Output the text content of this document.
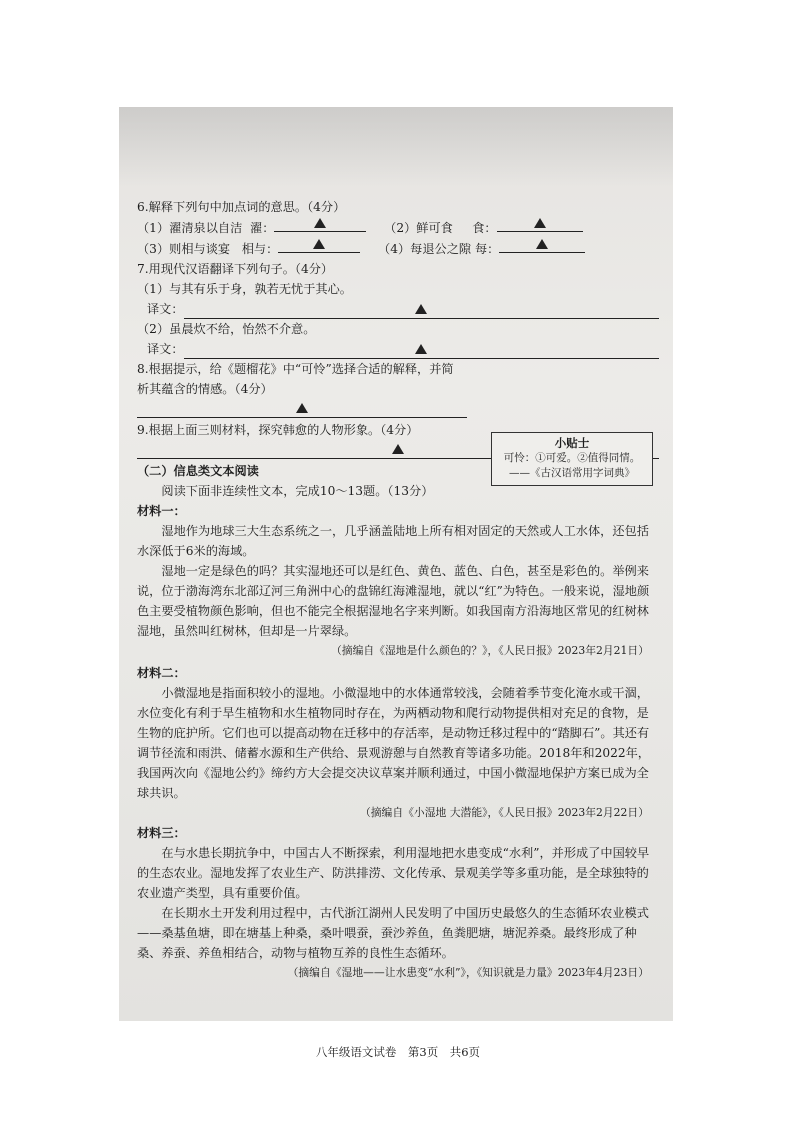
6.解释下列句中加点词的意思。（4分）
（1）濯清泉以自洁 濯：	（2）鲜可食 食：
（3）则相与谈宴 相与：	（4）每退公之隙 每：
7.用现代汉语翻译下列句子。（4分）
（1）与其有乐于身，孰若无忧于其心。
译文：
（2）虽晨炊不给，怡然不介意。
译文：
8.根据提示，给《题榴花》中“可怜”选择合适的解释，并简
析其蕴含的情感。（4分）
9.根据上面三则材料，探究韩愈的人物形象。（4分）
（二）信息类文本阅读
阅读下面非连续性文本，完成10～13题。（13分）
材料一：
湿地作为地球三大生态系统之一，几乎涵盖陆地上所有相对固定的天然或人工水体，还包括水深低于6米的海域。
湿地一定是绿色的吗？其实湿地还可以是红色、黄色、蓝色、白色，甚至是彩色的。举例来说，位于渤海湾东北部辽河三角洲中心的盘锦红海滩湿地，就以“红”为特色。一般来说，湿地颜色主要受植物颜色影响，但也不能完全根据湿地名字来判断。如我国南方沿海地区常见的红树林湿地，虽然叫红树林，但却是一片翠绿。
（摘编自《湿地是什么颜色的？》，《人民日报》2023年2月21日）
材料二：
小微湿地是指面积较小的湿地。小微湿地中的水体通常较浅，会随着季节变化淹水或干涸，水位变化有利于旱生植物和水生植物同时存在，为两栖动物和爬行动物提供相对充足的食物，是生物的庇护所。它们也可以提高动物在迁移中的存活率，是动物迁移过程中的“踏脚石”。其还有调节径流和雨洪、储蓄水源和生产供给、景观游憩与自然教育等诸多功能。2018年和2022年，我国两次向《湿地公约》缔约方大会提交决议草案并顺利通过，中国小微湿地保护方案已成为全球共识。
（摘编自《小湿地 大潜能》，《人民日报》2023年2月22日）
材料三：
在与水患长期抗争中，中国古人不断探索，利用湿地把水患变成“水利”，并形成了中国较早的生态农业。湿地发挥了农业生产、防洪排涝、文化传承、景观美学等多重功能，是全球独特的农业遗产类型，具有重要价值。
在长期水土开发利用过程中，古代浙江湖州人民发明了中国历史最悠久的生态循环农业模式——桑基鱼塘，即在塘基上种桑，桑叶喂蚕，蚕沙养鱼，鱼粪肥塘，塘泥养桑。最终形成了种桑、养蚕、养鱼相结合，动物与植物互养的良性生态循环。
（摘编自《湿地——让水患变“水利”》，《知识就是力量》2023年4月23日）
小贴士
可怜：①可爱。②值得同情。
——《古汉语常用字词典》
八年级语文试卷　第3页　共6页
